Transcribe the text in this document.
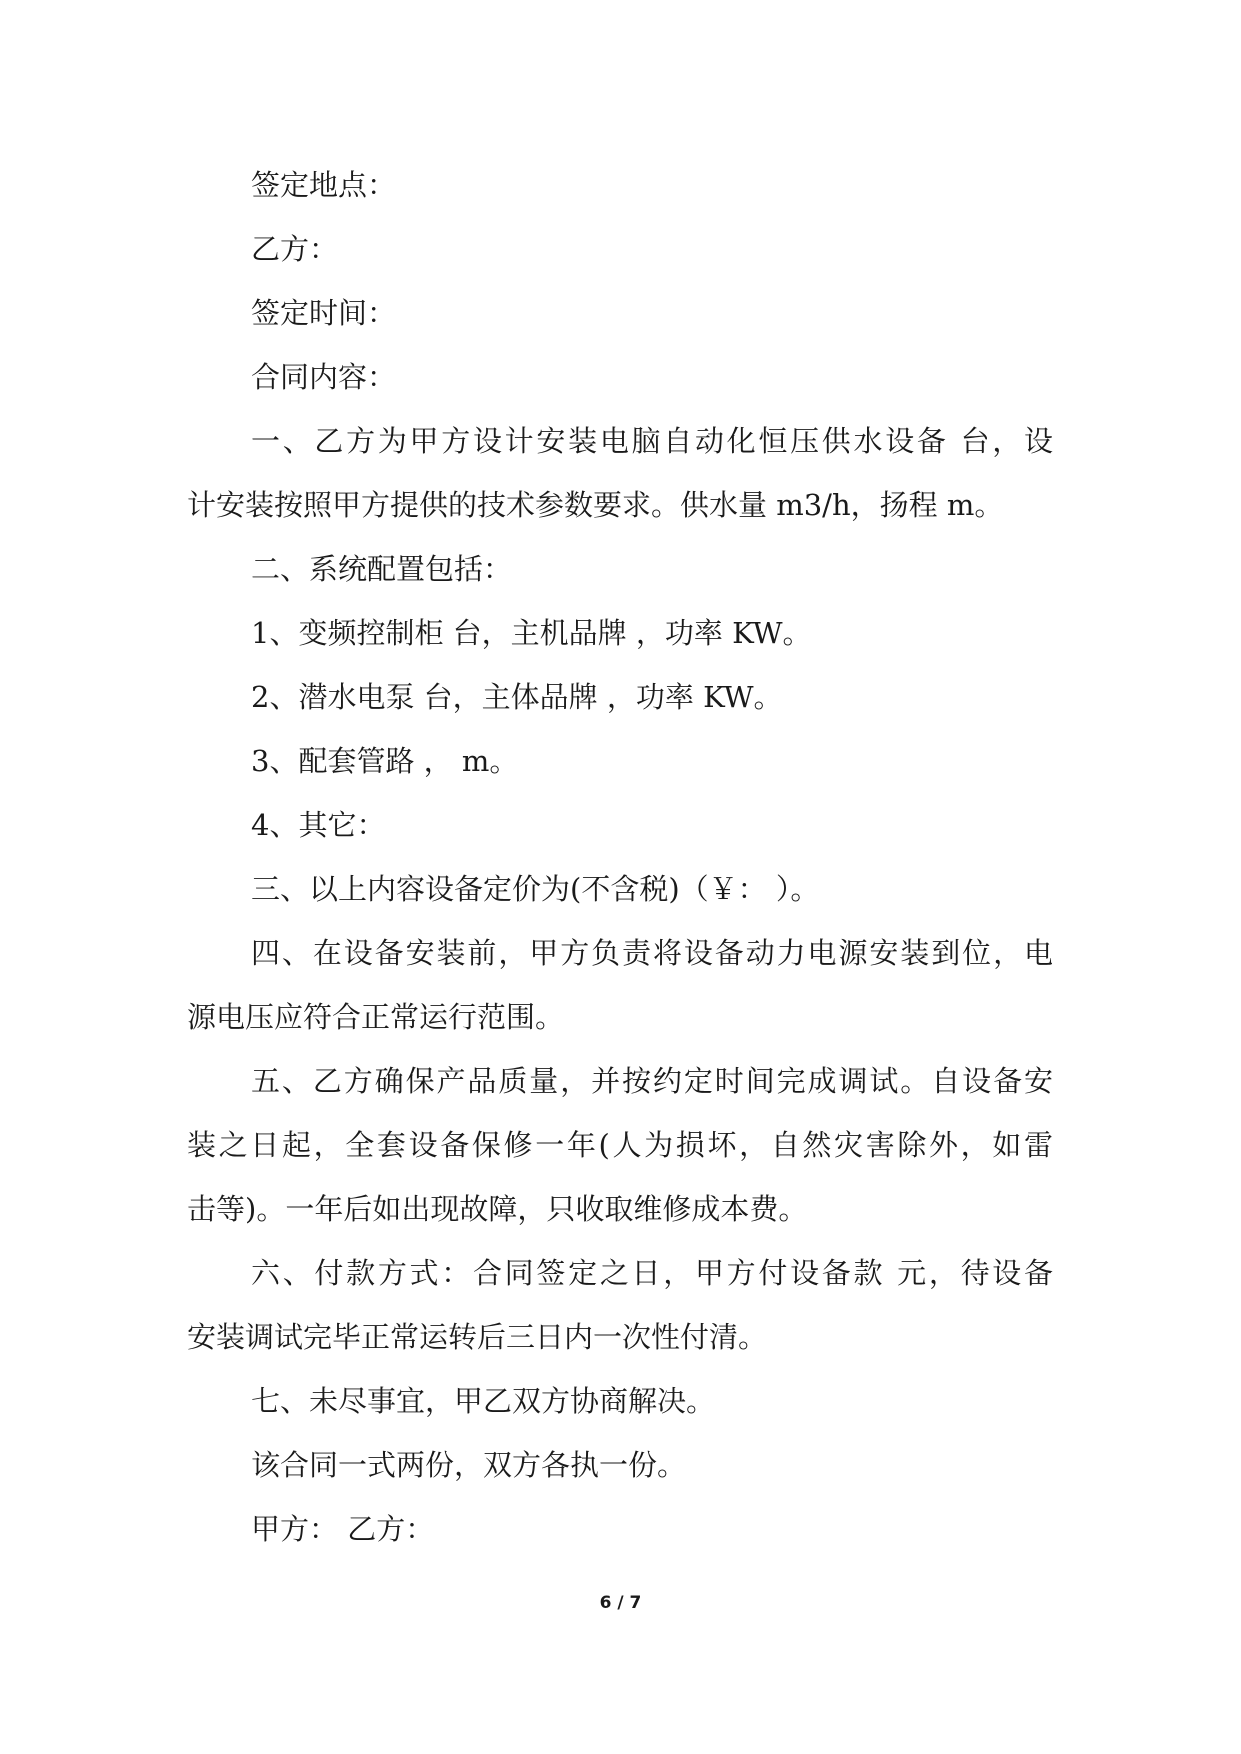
签定地点：
乙方：
签定时间：
合同内容：
一、乙方为甲方设计安装电脑自动化恒压供水设备 台，设
计安装按照甲方提供的技术参数要求。供水量 m3/h，扬程 m。
二、系统配置包括：
1、变频控制柜 台，主机品牌 ，功率 KW。
2、潜水电泵 台，主体品牌 ，功率 KW。
3、配套管路 ， m。
4、其它：
三、以上内容设备定价为(不含税)（￥： ）。
四、在设备安装前，甲方负责将设备动力电源安装到位，电
源电压应符合正常运行范围。
五、乙方确保产品质量，并按约定时间完成调试。自设备安
装之日起，全套设备保修一年(人为损坏，自然灾害除外，如雷
击等)。一年后如出现故障，只收取维修成本费。
六、付款方式：合同签定之日，甲方付设备款 元，待设备
安装调试完毕正常运转后三日内一次性付清。
七、未尽事宜，甲乙双方协商解决。
该合同一式两份，双方各执一份。
甲方： 乙方：
6 / 7
